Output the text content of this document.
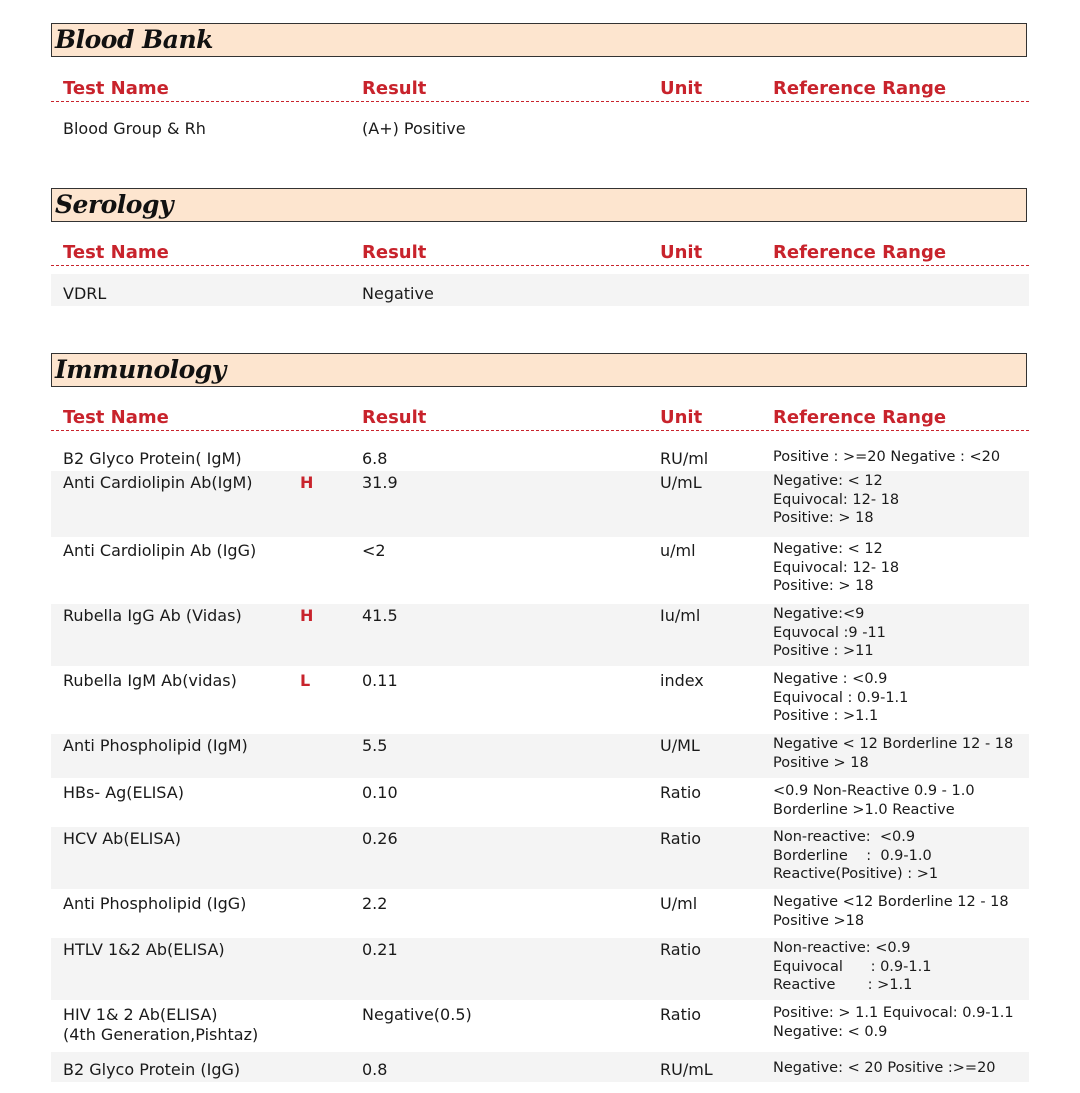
Blood Bank
Test Name	Result	Unit	Reference Range
Blood Group & Rh	(A+) Positive
Serology
Test Name	Result	Unit	Reference Range
VDRL	Negative
Immunology
Test Name	Result	Unit	Reference Range
B2 Glyco Protein( IgM)	6.8	RU/ml	Positive : >=20 Negative : <20
Anti Cardiolipin Ab(IgM)	H	31.9	U/mL	Negative: < 12
Equivocal: 12- 18
Positive: > 18
Anti Cardiolipin Ab (IgG)	<2	u/ml	Negative: < 12
Equivocal: 12- 18
Positive: > 18
Rubella IgG Ab (Vidas)	H	41.5	Iu/ml	Negative:<9
Equvocal :9 -11
Positive : >11
Rubella IgM Ab(vidas)	L	0.11	index	Negative : <0.9
Equivocal : 0.9-1.1
Positive : >1.1
Anti Phospholipid (IgM)	5.5	U/ML	Negative < 12 Borderline 12 - 18
Positive > 18
HBs- Ag(ELISA)	0.10	Ratio	<0.9 Non-Reactive 0.9 - 1.0
Borderline >1.0 Reactive
HCV Ab(ELISA)	0.26	Ratio	Non-reactive:  <0.9
Borderline    :  0.9-1.0
Reactive(Positive) : >1
Anti Phospholipid (IgG)	2.2	U/ml	Negative <12 Borderline 12 - 18
Positive >18
HTLV 1&2 Ab(ELISA)	0.21	Ratio	Non-reactive: <0.9
Equivocal      : 0.9-1.1
Reactive       : >1.1
HIV 1& 2 Ab(ELISA)
(4th Generation,Pishtaz)
Negative(0.5)	Ratio	Positive: > 1.1 Equivocal: 0.9-1.1
Negative: < 0.9
B2 Glyco Protein (IgG)	0.8	RU/mL	Negative: < 20 Positive :>=20
